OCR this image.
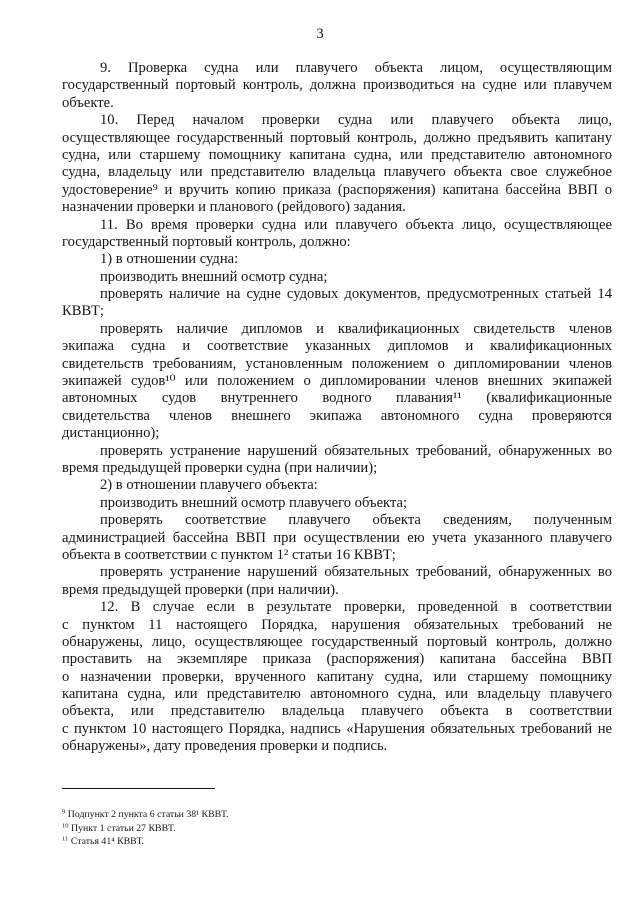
3
9. Проверка судна или плавучего объекта лицом, осуществляющим
государственный портовый контроль, должна производиться на судне или плавучем
объекте.
10. Перед началом проверки судна или плавучего объекта лицо,
осуществляющее государственный портовый контроль, должно предъявить капитану
судна, или старшему помощнику капитана судна, или представителю автономного
судна, владельцу или представителю владельца плавучего объекта свое служебное
удостоверение⁹ и вручить копию приказа (распоряжения) капитана бассейна ВВП о
назначении проверки и планового (рейдового) задания.
11. Во время проверки судна или плавучего объекта лицо, осуществляющее
государственный портовый контроль, должно:
1) в отношении судна:
производить внешний осмотр судна;
проверять наличие на судне судовых документов, предусмотренных статьей 14
КВВТ;
проверять наличие дипломов и квалификационных свидетельств членов
экипажа судна и соответствие указанных дипломов и квалификационных
свидетельств требованиям, установленным положением о дипломировании членов
экипажей судов¹⁰ или положением о дипломировании членов внешних экипажей
автономных судов внутреннего водного плавания¹¹ (квалификационные
свидетельства членов внешнего экипажа автономного судна проверяются
дистанционно);
проверять устранение нарушений обязательных требований, обнаруженных во
время предыдущей проверки судна (при наличии);
2) в отношении плавучего объекта:
производить внешний осмотр плавучего объекта;
проверять соответствие плавучего объекта сведениям, полученным
администрацией бассейна ВВП при осуществлении ею учета указанного плавучего
объекта в соответствии с пунктом 1² статьи 16 КВВТ;
проверять устранение нарушений обязательных требований, обнаруженных во
время предыдущей проверки (при наличии).
12. В случае если в результате проверки, проведенной в соответствии
с пунктом 11 настоящего Порядка, нарушения обязательных требований не
обнаружены, лицо, осуществляющее государственный портовый контроль, должно
проставить на экземпляре приказа (распоряжения) капитана бассейна ВВП
о назначении проверки, врученного капитану судна, или старшему помощнику
капитана судна, или представителю автономного судна, или владельцу плавучего
объекта, или представителю владельца плавучего объекта в соответствии
с пунктом 10 настоящего Порядка, надпись «Нарушения обязательных требований не
обнаружены», дату проведения проверки и подпись.
$^9$ Подпункт 2 пункта 6 статьи 38¹ КВВТ.
$^{10}$ Пункт 1 статьи 27 КВВТ.
$^{11}$ Статья 41⁴ КВВТ.
